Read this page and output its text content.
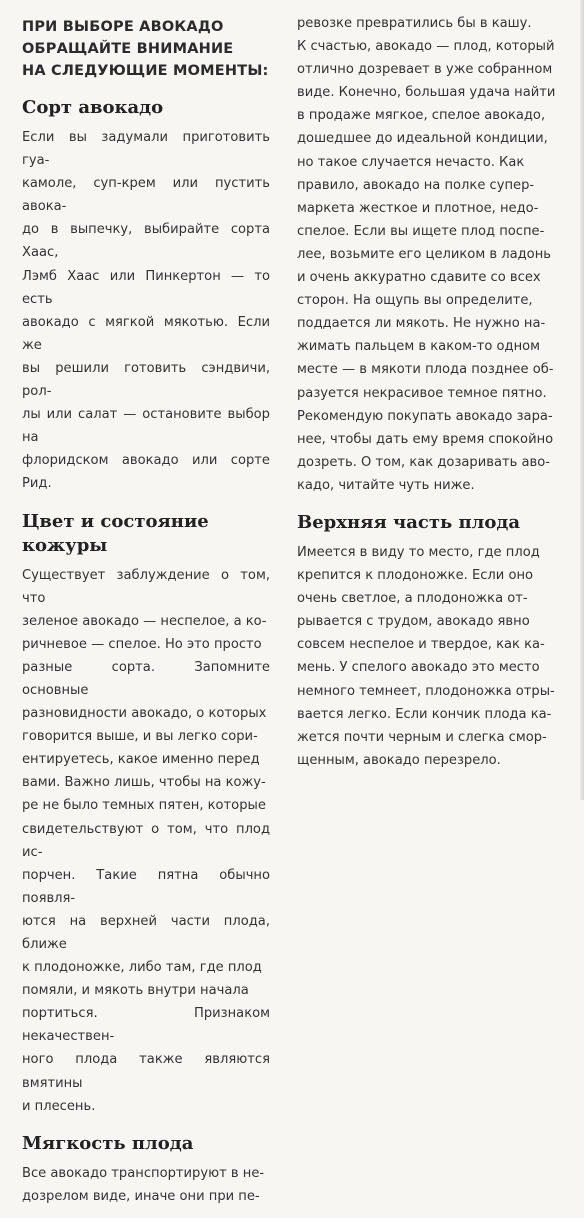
ПРИ ВЫБОРЕ АВОКАДО
ОБРАЩАЙТЕ ВНИМАНИЕ
НА СЛЕДУЮЩИЕ МОМЕНТЫ:
Сорт авокадо

Если вы задумали приготовить гуа-
камоле, суп-крем или пустить авока-
до в выпечку, выбирайте сорта Хаас,
Лэмб Хаас или Пинкертон — то есть
авокадо с мягкой мякотью. Если же
вы решили готовить сэндвичи, рол-
лы или салат — остановите выбор на
флоридском авокадо или сорте Рид.

Цвет и состояние кожуры

Существует заблуждение о том, что
зеленое авокадо — неспелое, а ко-
ричневое — спелое. Но это просто
разные сорта. Запомните основные
разновидности авокадо, о которых
говорится выше, и вы легко сори-
ентируетесь, какое именно перед
вами. Важно лишь, чтобы на кожу-
ре не было темных пятен, которые
свидетельствуют о том, что плод ис-
порчен. Такие пятна обычно появля-
ются на верхней части плода, ближе
к плодоножке, либо там, где плод
помяли, и мякоть внутри начала
портиться. Признаком некачествен-
ного плода также являются вмятины
и плесень.

Мягкость плода

Все авокадо транспортируют в не-
дозрелом виде, иначе они при пе-

ревозке превратились бы в кашу.
К счастью, авокадо — плод, который
отлично дозревает в уже собранном
виде. Конечно, большая удача найти
в продаже мягкое, спелое авокадо,
дошедшее до идеальной кондиции,
но такое случается нечасто. Как
правило, авокадо на полке супер-
маркета жесткое и плотное, недо-
спелое. Если вы ищете плод поспе-
лее, возьмите его целиком в ладонь
и очень аккуратно сдавите со всех
сторон. На ощупь вы определите,
поддается ли мякоть. Не нужно на-
жимать пальцем в каком-то одном
месте — в мякоти плода позднее об-
разуется некрасивое темное пятно.
Рекомендую покупать авокадо зара-
нее, чтобы дать ему время спокойно
дозреть. О том, как дозаривать аво-
кадо, читайте чуть ниже.

Верхняя часть плода

Имеется в виду то место, где плод
крепится к плодоножке. Если оно
очень светлое, а плодоножка от-
рывается с трудом, авокадо явно
совсем неспелое и твердое, как ка-
мень. У спелого авокадо это место
немного темнеет, плодоножка отры-
вается легко. Если кончик плода ка-
жется почти черным и слегка смор-
щенным, авокадо перезрело.
